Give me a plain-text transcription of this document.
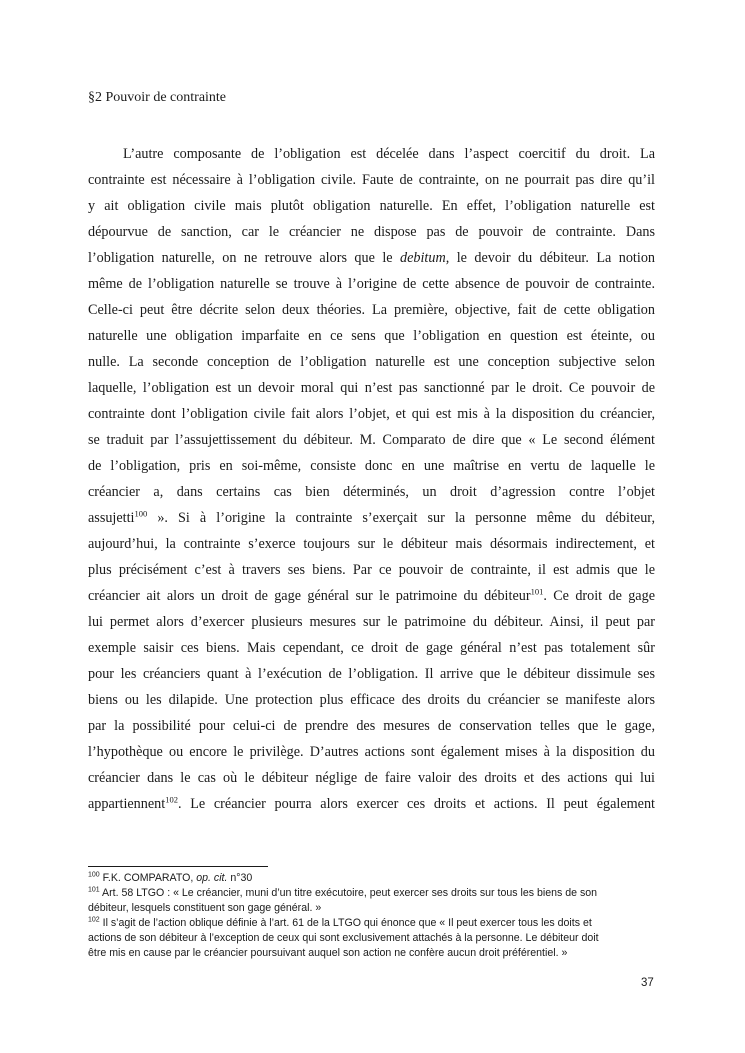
§2 Pouvoir de contrainte
L’autre composante de l’obligation est décelée dans l’aspect coercitif du droit. La
contrainte est nécessaire à l’obligation civile. Faute de contrainte, on ne pourrait pas dire qu’il
y ait obligation civile mais plutôt obligation naturelle. En effet, l’obligation naturelle est
dépourvue de sanction, car le créancier ne dispose pas de pouvoir de contrainte. Dans
l’obligation naturelle, on ne retrouve alors que le debitum, le devoir du débiteur. La notion
même de l’obligation naturelle se trouve à l’origine de cette absence de pouvoir de contrainte.
Celle-ci peut être décrite selon deux théories. La première, objective, fait de cette obligation
naturelle une obligation imparfaite en ce sens que l’obligation en question est éteinte, ou
nulle. La seconde conception de l’obligation naturelle est une conception subjective selon
laquelle, l’obligation est un devoir moral qui n’est pas sanctionné par le droit. Ce pouvoir de
contrainte dont l’obligation civile fait alors l’objet, et qui est mis à la disposition du créancier,
se traduit par l’assujettissement du débiteur. M. Comparato de dire que « Le second élément
de l’obligation, pris en soi-même, consiste donc en une maîtrise en vertu de laquelle le
créancier a, dans certains cas bien déterminés, un droit d’agression contre l’objet
assujetti$^{100}$ ». Si à l’origine la contrainte s’exerçait sur la personne même du débiteur,
aujourd’hui, la contrainte s’exerce toujours sur le débiteur mais désormais indirectement, et
plus précisément c’est à travers ses biens. Par ce pouvoir de contrainte, il est admis que le
créancier ait alors un droit de gage général sur le patrimoine du débiteur$^{101}$. Ce droit de gage
lui permet alors d’exercer plusieurs mesures sur le patrimoine du débiteur. Ainsi, il peut par
exemple saisir ces biens. Mais cependant, ce droit de gage général n’est pas totalement sûr
pour les créanciers quant à l’exécution de l’obligation. Il arrive que le débiteur dissimule ses
biens ou les dilapide. Une protection plus efficace des droits du créancier se manifeste alors
par la possibilité pour celui-ci de prendre des mesures de conservation telles que le gage,
l’hypothèque ou encore le privilège. D’autres actions sont également mises à la disposition du
créancier dans le cas où le débiteur néglige de faire valoir des droits et des actions qui lui
appartiennent$^{102}$. Le créancier pourra alors exercer ces droits et actions. Il peut également
$^{100}$ F.K. COMPARATO, op. cit. n°30
$^{101}$ Art. 58 LTGO : « Le créancier, muni d’un titre exécutoire, peut exercer ses droits sur tous les biens de son
débiteur, lesquels constituent son gage général. »
$^{102}$ Il s’agit de l’action oblique définie à l’art. 61 de la LTGO qui énonce que « Il peut exercer tous les doits et
actions de son débiteur à l’exception de ceux qui sont exclusivement attachés à la personne. Le débiteur doit
être mis en cause par le créancier poursuivant auquel son action ne confère aucun droit préférentiel. »
37
